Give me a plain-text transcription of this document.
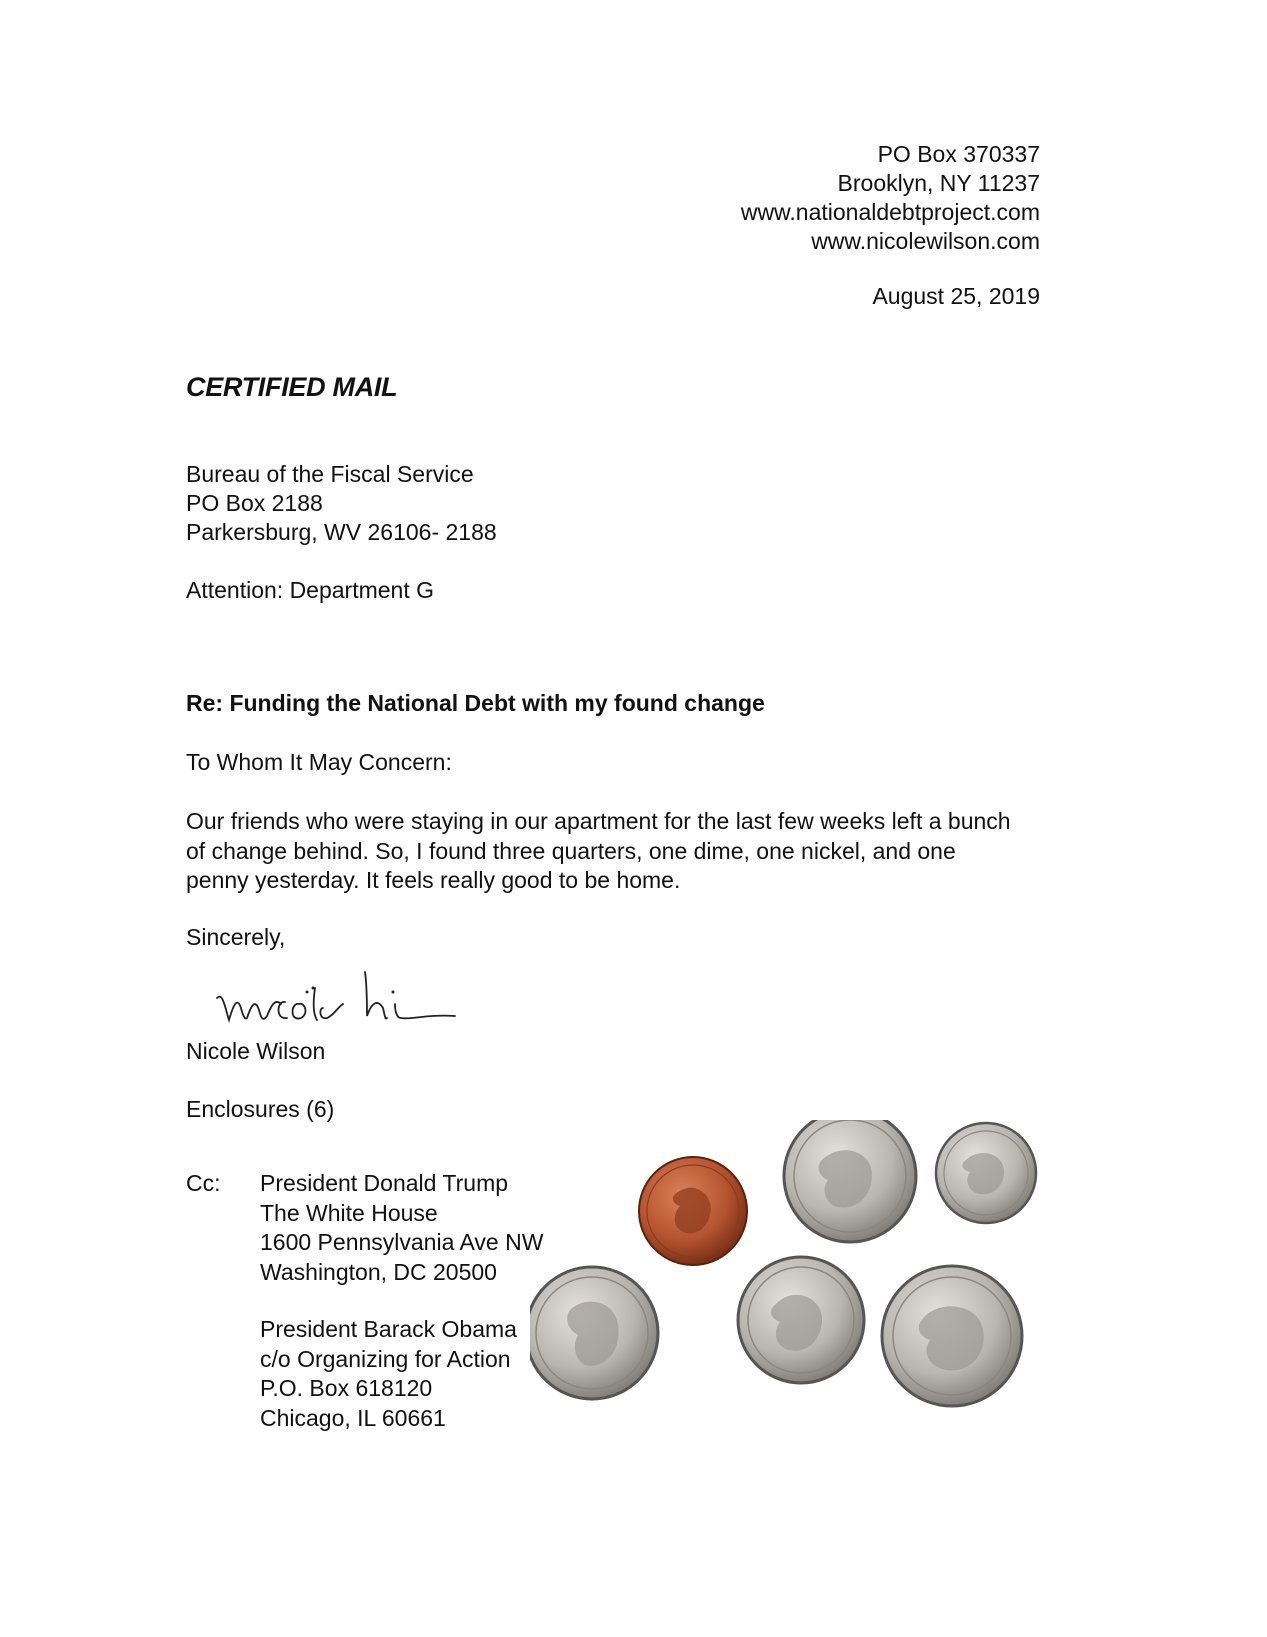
PO Box 370337
Brooklyn, NY 11237
www.nationaldebtproject.com
www.nicolewilson.com
August 25, 2019
CERTIFIED MAIL
Bureau of the Fiscal Service
PO Box 2188
Parkersburg, WV 26106- 2188
Attention: Department G
Re: Funding the National Debt with my found change
To Whom It May Concern:
Our friends who were staying in our apartment for the last few weeks left a bunch
of change behind. So, I found three quarters, one dime, one nickel, and one
penny yesterday. It feels really good to be home.
Sincerely,
Nicole Wilson
Enclosures (6)
Cc: President Donald Trump
The White House
1600 Pennsylvania Ave NW
Washington, DC 20500
President Barack Obama
c/o Organizing for Action
P.O. Box 618120
Chicago, IL 60661
